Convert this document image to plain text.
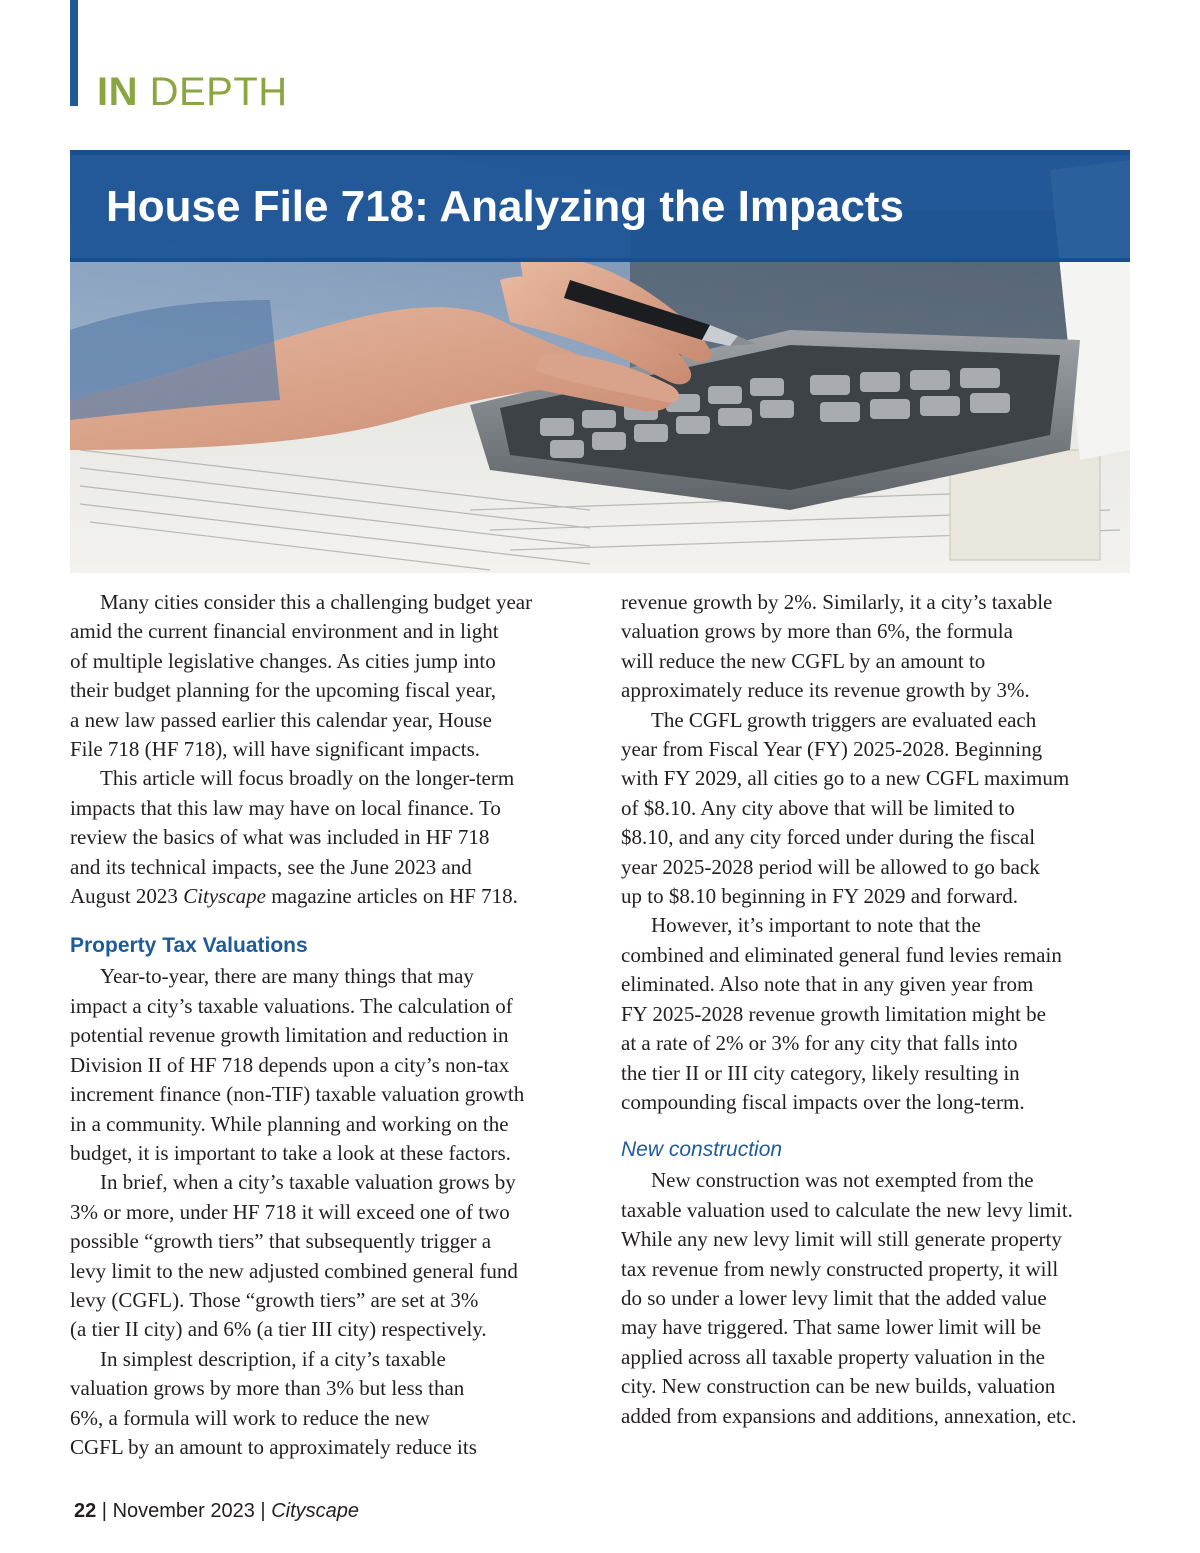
IN DEPTH
House File 718: Analyzing the Impacts

Many cities consider this a challenging budget year
amid the current financial environment and in light
of multiple legislative changes. As cities jump into
their budget planning for the upcoming fiscal year,
a new law passed earlier this calendar year, House
File 718 (HF 718), will have significant impacts.

This article will focus broadly on the longer-term
impacts that this law may have on local finance. To
review the basics of what was included in HF 718
and its technical impacts, see the June 2023 and

August 2023 Cityscape magazine articles on HF 718.

Property Tax Valuations

Year-to-year, there are many things that may
impact a city’s taxable valuations. The calculation of
potential revenue growth limitation and reduction in
Division II of HF 718 depends upon a city’s non-tax
increment finance (non-TIF) taxable valuation growth
in a community. While planning and working on the
budget, it is important to take a look at these factors.

In brief, when a city’s taxable valuation grows by
3% or more, under HF 718 it will exceed one of two
possible “growth tiers” that subsequently trigger a
levy limit to the new adjusted combined general fund
levy (CGFL). Those “growth tiers” are set at 3%
(a tier II city) and 6% (a tier III city) respectively.

In simplest description, if a city’s taxable
valuation grows by more than 3% but less than
6%, a formula will work to reduce the new
CGFL by an amount to approximately reduce its

revenue growth by 2%. Similarly, it a city’s taxable
valuation grows by more than 6%, the formula
will reduce the new CGFL by an amount to
approximately reduce its revenue growth by 3%.

The CGFL growth triggers are evaluated each
year from Fiscal Year (FY) 2025-2028. Beginning
with FY 2029, all cities go to a new CGFL maximum
of $8.10. Any city above that will be limited to
$8.10, and any city forced under during the fiscal
year 2025-2028 period will be allowed to go back
up to $8.10 beginning in FY 2029 and forward.

However, it’s important to note that the
combined and eliminated general fund levies remain
eliminated. Also note that in any given year from
FY 2025-2028 revenue growth limitation might be
at a rate of 2% or 3% for any city that falls into
the tier II or III city category, likely resulting in
compounding fiscal impacts over the long-term.

New construction

New construction was not exempted from the
taxable valuation used to calculate the new levy limit.
While any new levy limit will still generate property
tax revenue from newly constructed property, it will
do so under a lower levy limit that the added value
may have triggered. That same lower limit will be
applied across all taxable property valuation in the
city. New construction can be new builds, valuation
added from expansions and additions, annexation, etc.

22 | November 2023 | Cityscape
